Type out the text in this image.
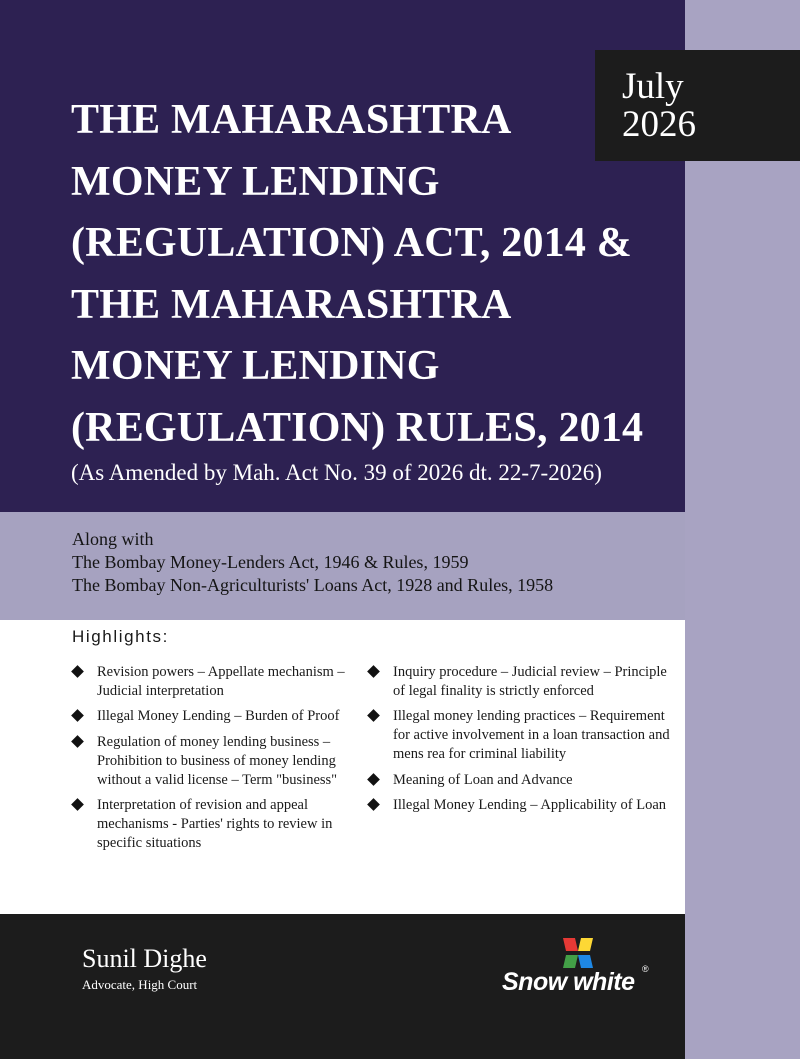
July
2026
THE MAHARASHTRA
MONEY LENDING
(REGULATION) ACT, 2014 &
THE MAHARASHTRA
MONEY LENDING
(REGULATION) RULES, 2014
(As Amended by Mah. Act No. 39 of 2026 dt. 22-7-2026)
Along with
The Bombay Money-Lenders Act, 1946 & Rules, 1959
The Bombay Non-Agriculturists' Loans Act, 1928 and Rules, 1958
Highlights:
Revision powers – Appellate mechanism – Judicial interpretation
Illegal Money Lending – Burden of Proof
Regulation of money lending business – Prohibition to business of money lending without a valid license – Term "business"
Interpretation of revision and appeal mechanisms - Parties' rights to review in specific situations
Inquiry procedure – Judicial review – Principle of legal finality is strictly enforced
Illegal money lending practices – Requirement for active involvement in a loan transaction and mens rea for criminal liability
Meaning of Loan and Advance
Illegal Money Lending – Applicability of Loan
Sunil Dighe
Advocate, High Court	Snow white ®
